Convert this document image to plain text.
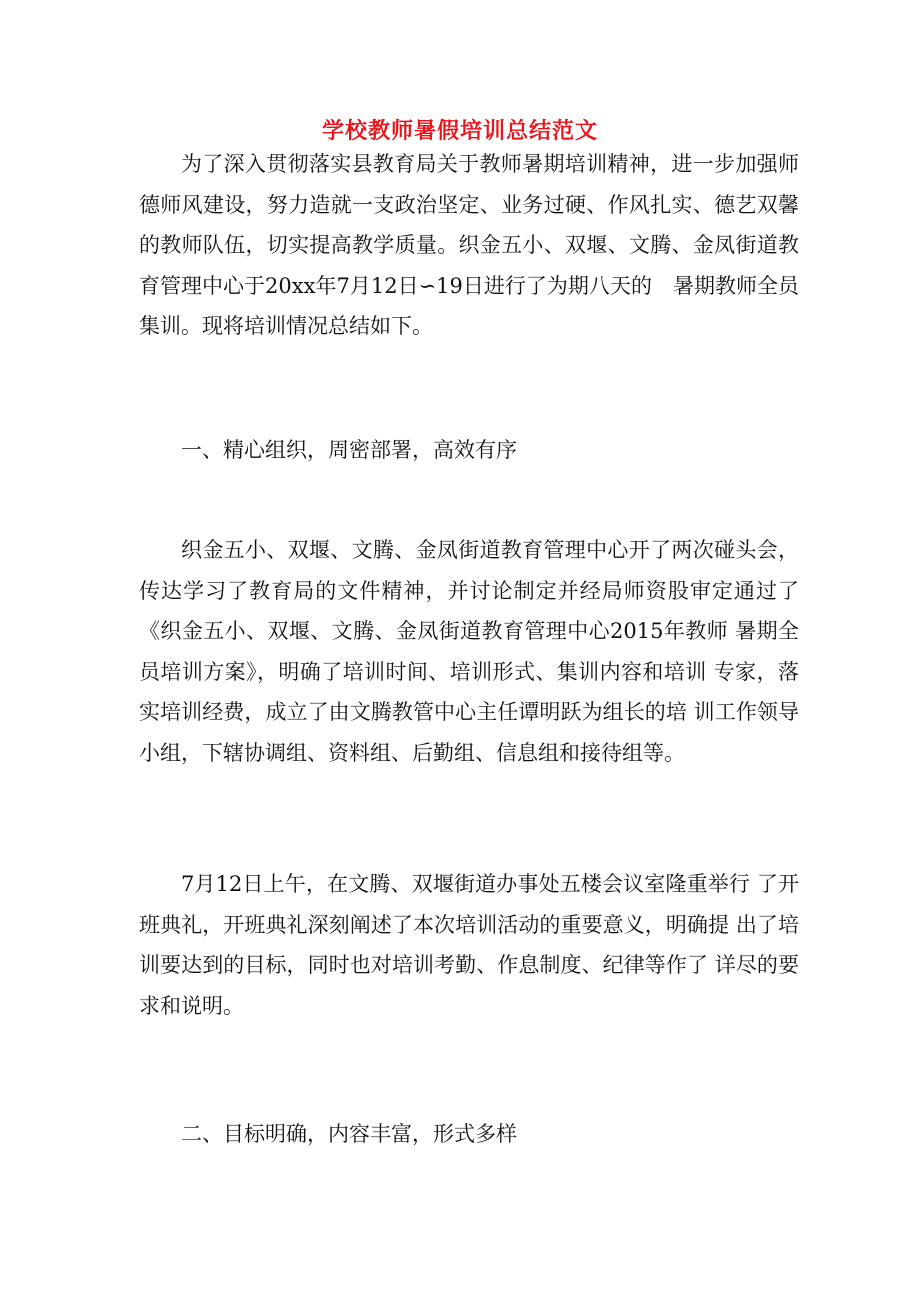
学校教师暑假培训总结范文

为了深入贯彻落实县教育局关于教师暑期培训精神，进一步加强师德师风建设，努力造就一支政治坚定、业务过硬、作风扎实、德艺双馨的教师队伍，切实提高教学质量。织金五小、双堰、文腾、金凤街道教育管理中心于20xx年7月12日∽19日进行了为期八天的　暑期教师全员集训。现将培训情况总结如下。

一、精心组织，周密部署，高效有序

织金五小、双堰、文腾、金凤街道教育管理中心开了两次碰头会，传达学习了教育局的文件精神，并讨论制定并经局师资股审定通过了《织金五小、双堰、文腾、金凤街道教育管理中心2015年教师 暑期全员培训方案》，明确了培训时间、培训形式、集训内容和培训 专家，落实培训经费，成立了由文腾教管中心主任谭明跃为组长的培 训工作领导小组，下辖协调组、资料组、后勤组、信息组和接待组等。

7月12日上午，在文腾、双堰街道办事处五楼会议室隆重举行 了开班典礼，开班典礼深刻阐述了本次培训活动的重要意义，明确提 出了培训要达到的目标，同时也对培训考勤、作息制度、纪律等作了 详尽的要求和说明。

二、目标明确，内容丰富，形式多样
